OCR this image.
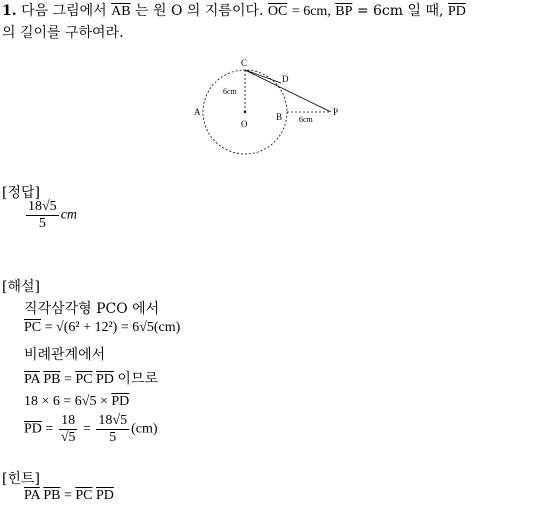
1. 다음 그림에서 $\overline{AB}$ 는 원 O 의 지름이다. $\overline{OC} = 6cm$, $\overline{BP} = 6cm$ 일 때, $\overline{PD}$
의 길이를 구하여라.
C
D
A	B
O
P
6cm
6cm
[정답]
$\frac{18√5}{5}$ cm
[해설]
직각삼각형 PCO 에서
$\overline{PC} = √(6^2 + 12^2) = 6√5(cm)$
비례관계에서
$\overline{PA}$ $\overline{PB} = \overline{PC}$ $\overline{PD}$ 이므로
$18 \times 6 = 6√5 \times \overline{PD}$
$\overline{PD} = \frac{18}{√5} = \frac{18√5}{5} (cm)$
[힌트]
$\overline{PA}$ $\overline{PB} = \overline{PC}$ $\overline{PD}$
